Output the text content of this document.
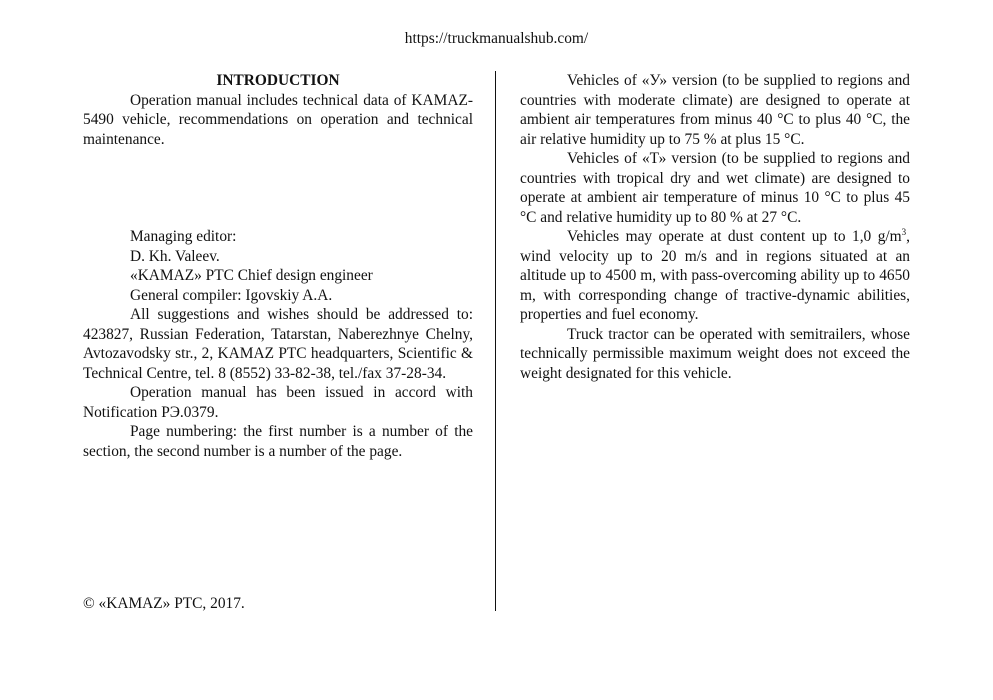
https://truckmanualshub.com/
INTRODUCTION

Operation manual includes technical data of KAMAZ-5490 vehicle, recommendations on operation and technical maintenance.

Managing editor:
D. Kh. Valeev.
«KAMAZ» PTC Chief design engineer
General compiler: Igovskiy A.A.

All suggestions and wishes should be addressed to: 423827, Russian Federation, Tatarstan, Naberezhnye Chelny, Avtozavodsky str., 2, KAMAZ PTC headquarters, Scientific & Technical Centre, tel. 8 (8552) 33-82-38, tel./fax 37-28-34.

Operation manual has been issued in accord with Notification РЭ.0379.

Page numbering: the first number is a number of the section, the second number is a number of the page.

Vehicles of «У» version (to be supplied to regions and countries with moderate climate) are designed to operate at ambient air temperatures from minus 40 °C to plus 40 °C, the air relative humidity up to 75 % at plus 15 °C.

Vehicles of «Т» version (to be supplied to regions and countries with tropical dry and wet climate) are designed to operate at ambient air temperature of minus 10 °C to plus 45 °C and relative humidity up to 80 % at 27 °C.

Vehicles may operate at dust content up to 1,0 $g/m^3$, wind velocity up to 20 m/s and in regions situated at an altitude up to 4500 m, with pass-overcoming ability up to 4650 m, with corresponding change of tractive-dynamic abilities, properties and fuel economy.

Truck tractor can be operated with semitrailers, whose technically permissible maximum weight does not exceed the weight designated for this vehicle.

© «KAMAZ» PTC, 2017.
